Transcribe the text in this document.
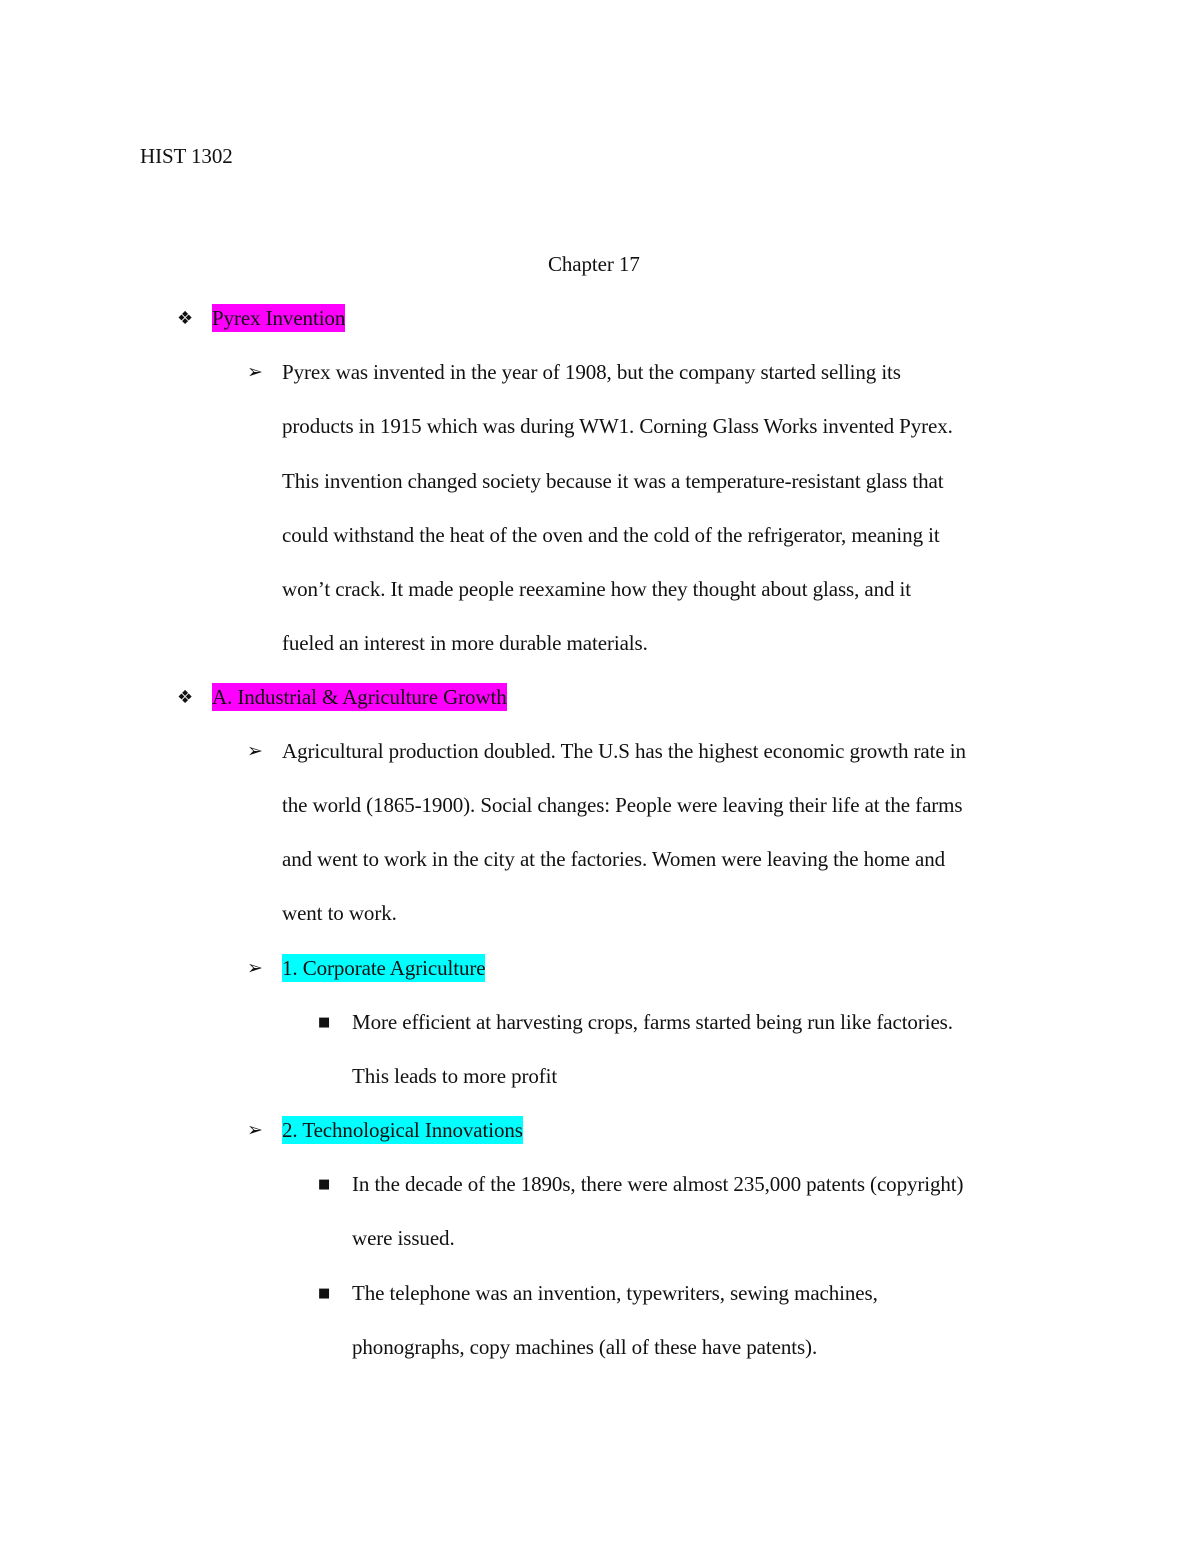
HIST 1302
Chapter 17
❖ Pyrex Invention
➢ Pyrex was invented in the year of 1908, but the company started selling its
products in 1915 which was during WW1. Corning Glass Works invented Pyrex.
This invention changed society because it was a temperature-resistant glass that
could withstand the heat of the oven and the cold of the refrigerator, meaning it
won’t crack. It made people reexamine how they thought about glass, and it
fueled an interest in more durable materials.
❖ A. Industrial & Agriculture Growth
➢ Agricultural production doubled. The U.S has the highest economic growth rate in
the world (1865-1900). Social changes: People were leaving their life at the farms
and went to work in the city at the factories. Women were leaving the home and
went to work.
➢ 1. Corporate Agriculture
■ More efficient at harvesting crops, farms started being run like factories.
This leads to more profit
➢ 2. Technological Innovations
■ In the decade of the 1890s, there were almost 235,000 patents (copyright)
were issued.
■ The telephone was an invention, typewriters, sewing machines,
phonographs, copy machines (all of these have patents).
